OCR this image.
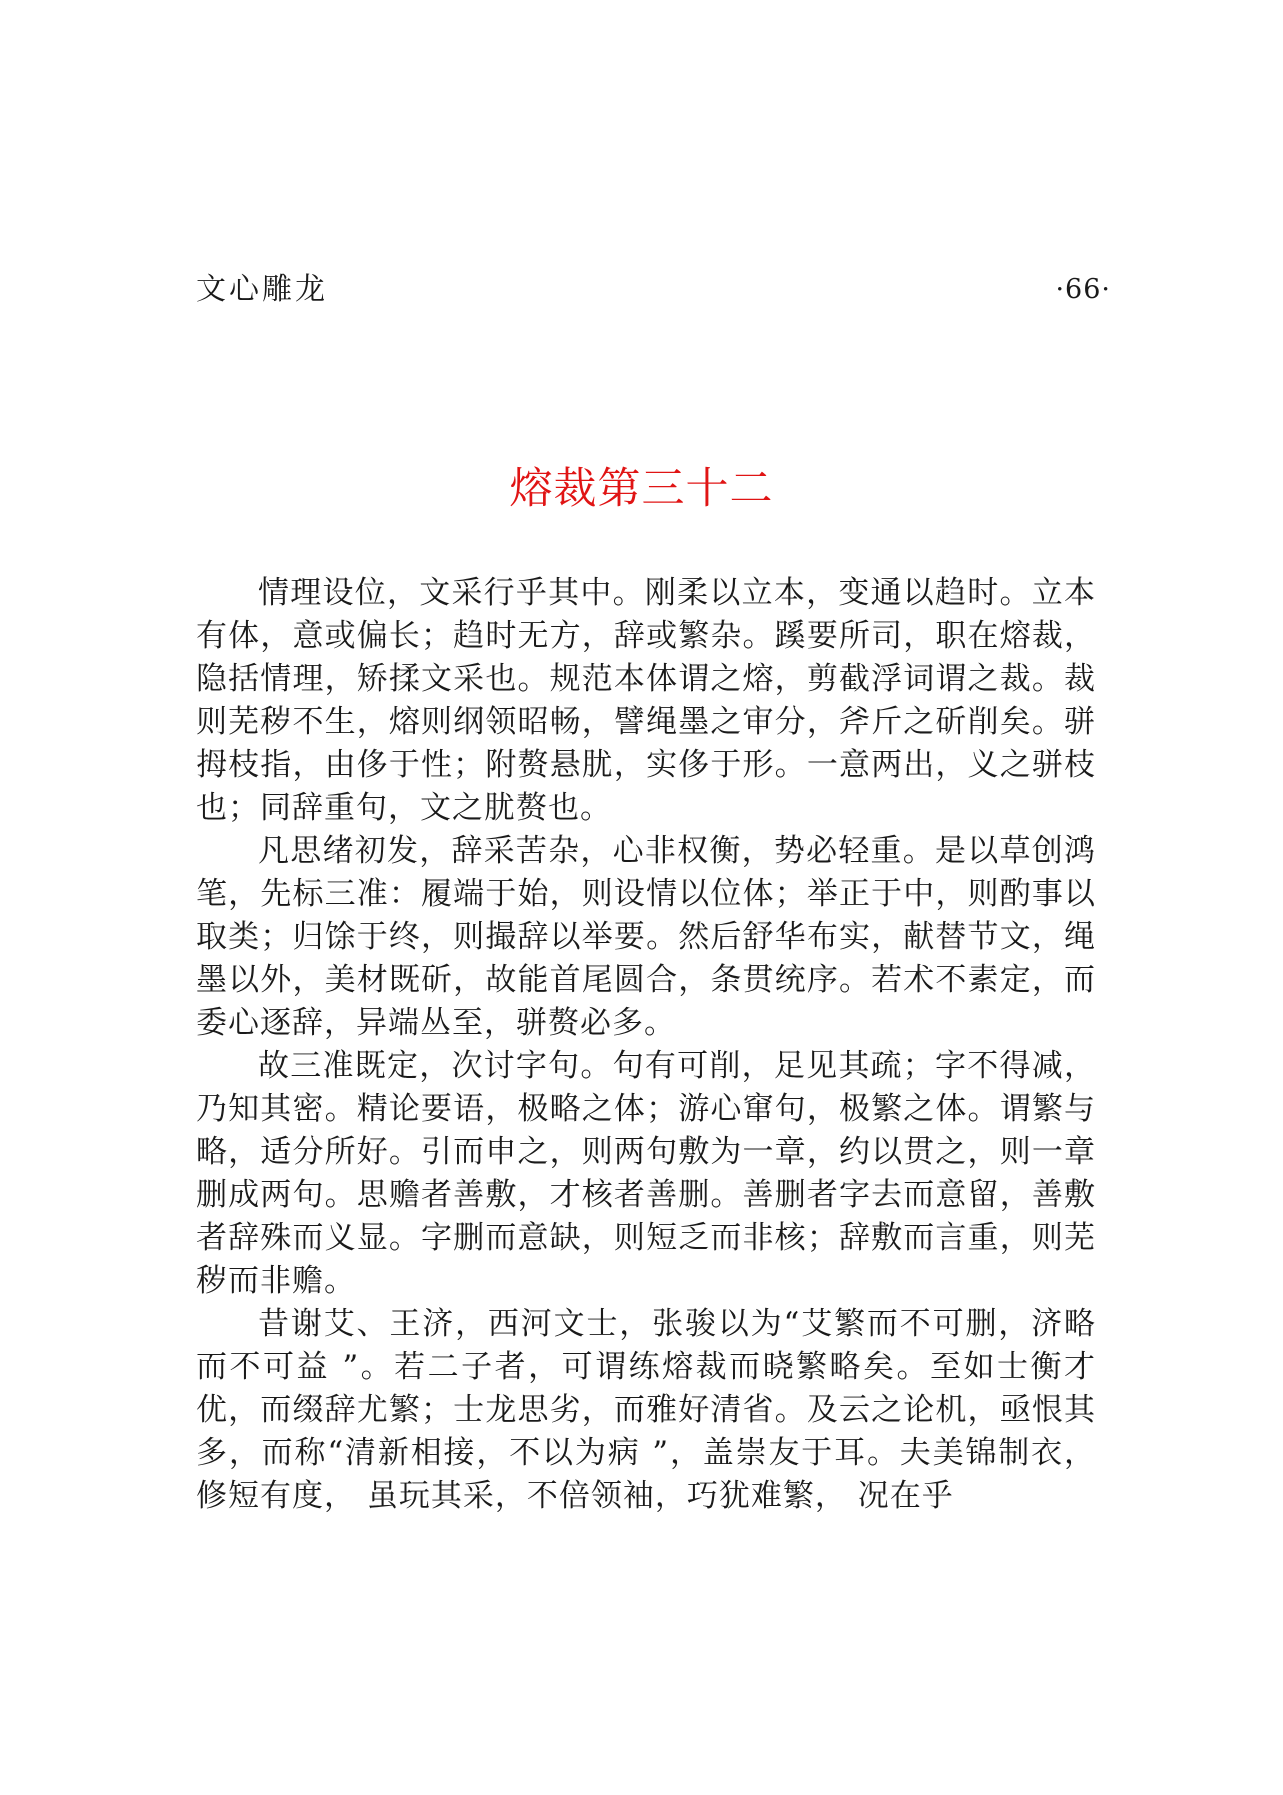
文心雕龙	·66·
熔裁第三十二

情理设位，文采行乎其中。刚柔以立本，变通以趋时。立本有体，意或偏长；趋时无方，辞或繁杂。蹊要所司，职在熔裁，隐括情理，矫揉文采也。规范本体谓之熔，剪截浮词谓之裁。裁则芜秽不生，熔则纲领昭畅，譬绳墨之审分，斧斤之斫削矣。骈拇枝指，由侈于性；附赘悬肬，实侈于形。一意两出，义之骈枝也；同辞重句，文之肬赘也。

凡思绪初发，辞采苦杂，心非权衡，势必轻重。是以草创鸿笔，先标三准：履端于始，则设情以位体；举正于中，则酌事以取类；归馀于终，则撮辞以举要。然后舒华布实，献替节文，绳墨以外，美材既斫，故能首尾圆合，条贯统序。若术不素定，而委心逐辞，异端丛至，骈赘必多。

故三准既定，次讨字句。句有可削，足见其疏；字不得减，乃知其密。精论要语，极略之体；游心窜句，极繁之体。谓繁与略，适分所好。引而申之，则两句敷为一章，约以贯之，则一章删成两句。思赡者善敷，才核者善删。善删者字去而意留，善敷者辞殊而义显。字删而意缺，则短乏而非核；辞敷而言重，则芜秽而非赡。

昔谢艾、王济，西河文士，张骏以为“艾繁而不可删，济略而不可益 ”。若二子者，可谓练熔裁而晓繁略矣。至如士衡才优，而缀辞尤繁；士龙思劣，而雅好清省。及云之论机，亟恨其多，而称“清新相接，不以为病 ”，盖崇友于耳。夫美锦制衣，修短有度， 虽玩其采，不倍领袖，巧犹难繁， 况在乎
